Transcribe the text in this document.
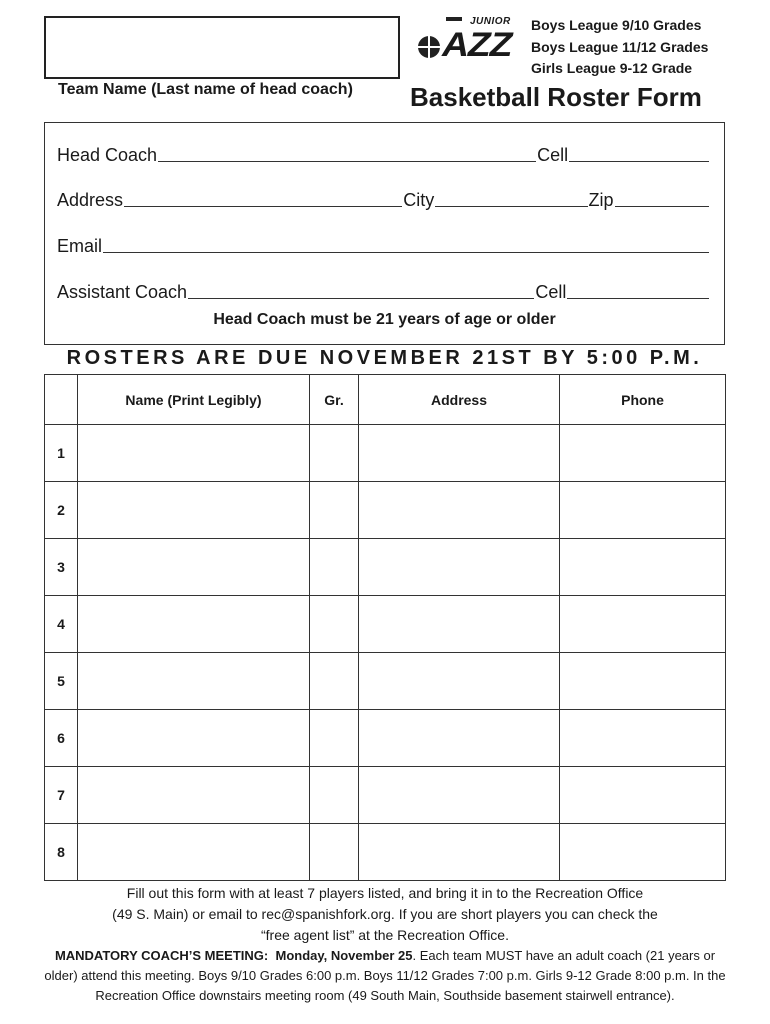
Team Name (Last name of head coach)
JUNIOR
AZZ
Boys League 9/10 Grades
Boys League 11/12 Grades
Girls League 9-12 Grade
Basketball Roster Form
Head Coach	Cell
Address	City	Zip
Email
Assistant Coach	Cell
Head Coach must be 21 years of age or older
ROSTERS ARE DUE NOVEMBER 21ST BY 5:00 P.M.
	Name (Print Legibly)	Gr.	Address	Phone
1				
2				
3				
4				
5				
6				
7				
8				

Fill out this form with at least 7 players listed, and bring it in to the Recreation Office

(49 S. Main) or email to rec@spanishfork.org. If you are short players you can check the

“free agent list” at the Recreation Office.

MANDATORY COACH’S MEETING: Monday, November 25. Each team MUST have an adult coach (21 years or older) attend this meeting. Boys 9/10 Grades 6:00 p.m. Boys 11/12 Grades 7:00 p.m. Girls 9-12 Grade 8:00 p.m. In the Recreation Office downstairs meeting room (49 South Main, Southside basement stairwell entrance).
